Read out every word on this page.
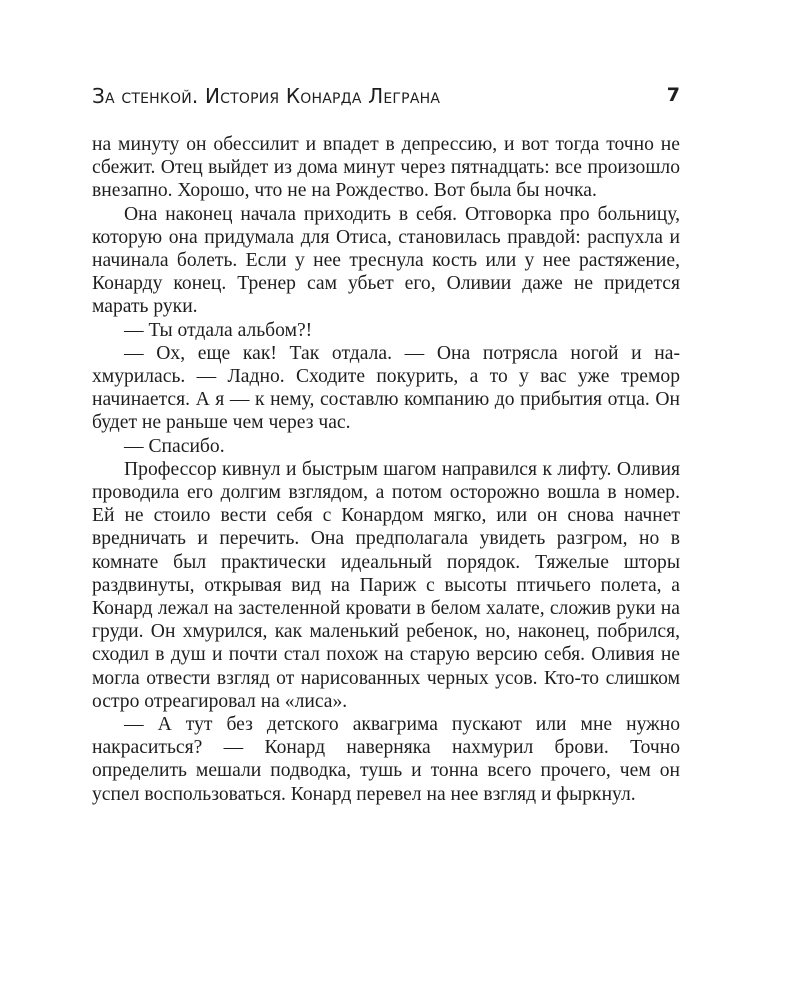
За стенкой. История Конарда Леграна	7

на минуту он обессилит и впадет в депрессию, и вот тогда точно не сбежит. Отец выйдет из дома минут через пятнадцать: все произошло внезапно. Хорошо, что не на Рождество. Вот была бы ночка.

Она наконец начала приходить в себя. Отговорка про больницу, которую она придумала для Отиса, становилась правдой: распухла и начинала болеть. Если у нее треснула кость или у нее растяжение, Конарду конец. Тренер сам убьет его, Оливии даже не придется марать руки.

— Ты отдала альбом?!

— Ох, еще как! Так отдала. — Она потрясла ногой и нахмурилась. — Ладно. Сходите покурить, а то у вас уже тремор начинается. А я — к нему, составлю компанию до прибытия отца. Он будет не раньше чем через час.

— Спасибо.

Профессор кивнул и быстрым шагом направился к лифту. Оливия проводила его долгим взглядом, а потом осторожно вошла в номер. Ей не стоило вести себя с Конардом мягко, или он снова начнет вредничать и перечить. Она предполагала увидеть разгром, но в комнате был практически идеальный порядок. Тяжелые шторы раздвинуты, открывая вид на Париж с высоты птичьего полета, а Конард лежал на застеленной кровати в белом халате, сложив руки на груди. Он хмурился, как маленький ребенок, но, наконец, побрился, сходил в душ и почти стал похож на старую версию себя. Оливия не могла отвести взгляд от нарисованных черных усов. Кто-то слишком остро отреагировал на «лиса».

— А тут без детского аквагрима пускают или мне нужно накраситься? — Конард наверняка нахмурил брови. Точно определить мешали подводка, тушь и тонна всего прочего, чем он успел воспользоваться. Конард перевел на нее взгляд и фыркнул.
